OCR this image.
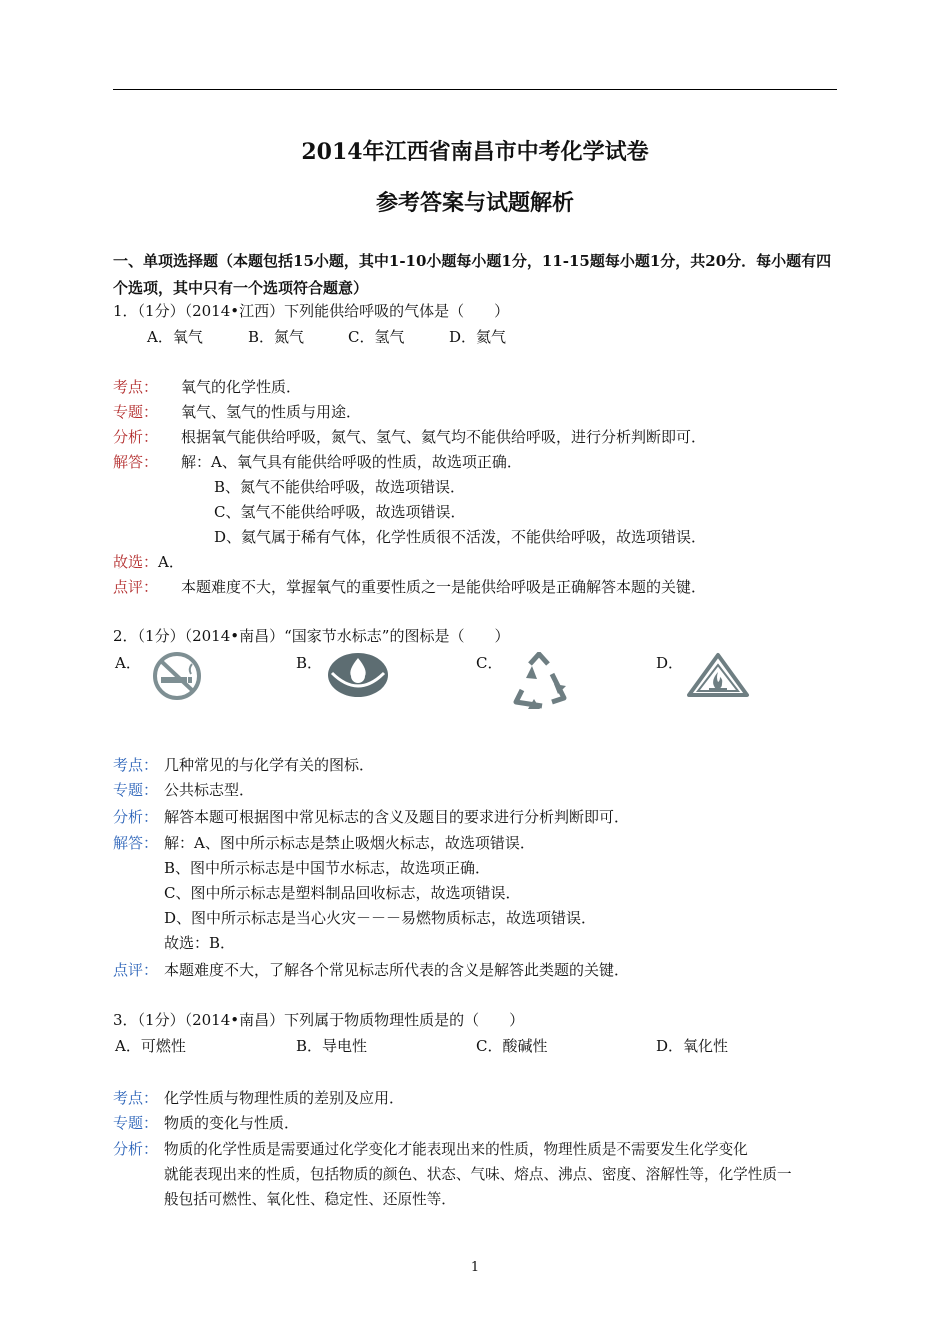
2014年江西省南昌市中考化学试卷
参考答案与试题解析
一、单项选择题（本题包括15小题，其中1-10小题每小题1分，11-15题每小题1分，共20分．每小题有四个选项，其中只有一个选项符合题意）
1．（1分）（2014•江西）下列能供给呼吸的气体是（　　）
A．氧气	B．氮气	C．氢气	D．氦气
考点： 氧气的化学性质．
专题： 氧气、氢气的性质与用途．
分析： 根据氧气能供给呼吸，氮气、氢气、氦气均不能供给呼吸，进行分析判断即可．
解答： 解：A、氧气具有能供给呼吸的性质，故选项正确．
B、氮气不能供给呼吸，故选项错误．
C、氢气不能供给呼吸，故选项错误．
D、氦气属于稀有气体，化学性质很不活泼，不能供给呼吸，故选项错误．
故选：A．
点评： 本题难度不大，掌握氧气的重要性质之一是能供给呼吸是正确解答本题的关键．
2．（1分）（2014•南昌）“国家节水标志”的图标是（　　）
A．	B．	C．	D．
考点： 几种常见的与化学有关的图标．
专题： 公共标志型．
分析： 解答本题可根据图中常见标志的含义及题目的要求进行分析判断即可．
解答： 解：A、图中所示标志是禁止吸烟火标志，故选项错误．
B、图中所示标志是中国节水标志，故选项正确．
C、图中所示标志是塑料制品回收标志，故选项错误．
D、图中所示标志是当心火灾－－－易燃物质标志，故选项错误．
故选：B．
点评： 本题难度不大，了解各个常见标志所代表的含义是解答此类题的关键．
3．（1分）（2014•南昌）下列属于物质物理性质是的（　　）
A．可燃性	B．导电性	C．酸碱性	D．氧化性
考点： 化学性质与物理性质的差别及应用．
专题： 物质的变化与性质．
分析： 物质的化学性质是需要通过化学变化才能表现出来的性质，物理性质是不需要发生化学变化
就能表现出来的性质，包括物质的颜色、状态、气味、熔点、沸点、密度、溶解性等，化学性质一
般包括可燃性、氧化性、稳定性、还原性等．
1
